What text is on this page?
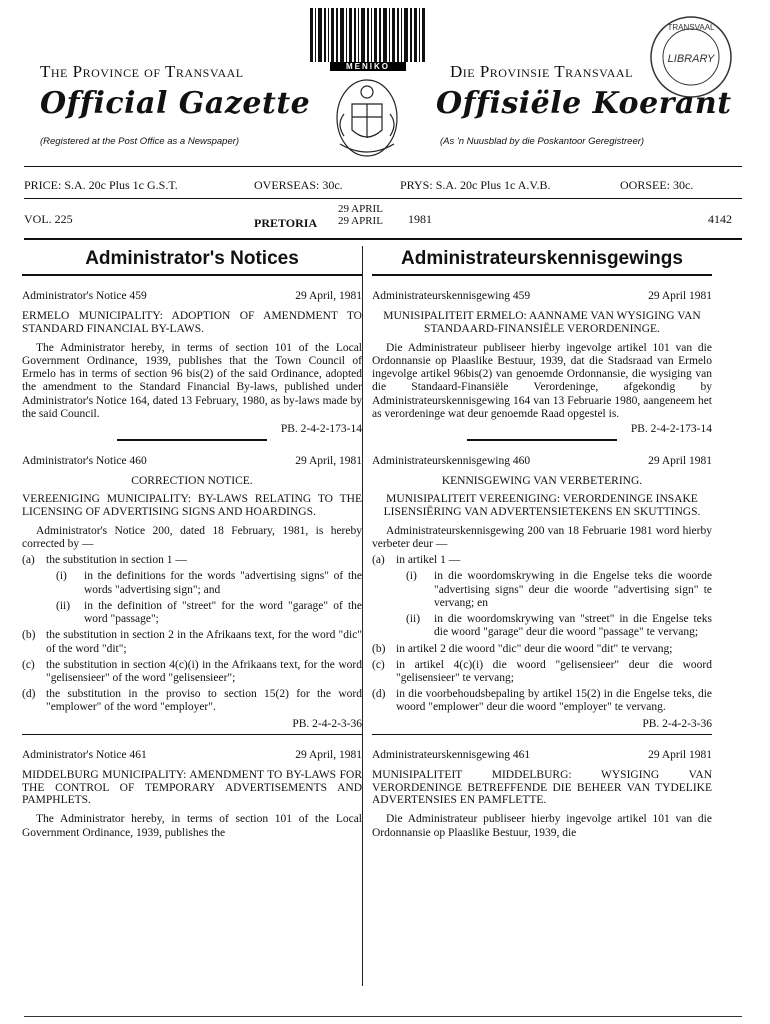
MENIKO
LIBRARY
TRANSVAAL
The Province of Transvaal	Die Provinsie Transvaal
Official Gazette	Offisiële Koerant
(Registered at the Post Office as a Newspaper)	(As 'n Nuusblad by die Poskantoor Geregistreer)
PRICE: S.A. 20c Plus 1c G.S.T.	OVERSEAS: 30c.	PRYS: S.A. 20c Plus 1c A.V.B.	OORSEE: 30c.
VOL. 225	PRETORIA
29 APRIL
29 APRIL 1981	4142
Administrator's Notices
Administrator's Notice 459	29 April, 1981

ERMELO MUNICIPALITY: ADOPTION OF AMENDMENT TO STANDARD FINANCIAL BY-LAWS.

The Administrator hereby, in terms of section 101 of the Local Government Ordinance, 1939, publishes that the Town Council of Ermelo has in terms of section 96 bis(2) of the said Ordinance, adopted the amendment to the Standard Financial By-laws, published under Administrator's Notice 164, dated 13 February, 1980, as by-laws made by the said Council.

PB. 2-4-2-173-14
Administrator's Notice 460	29 April, 1981
CORRECTION NOTICE.

VEREENIGING MUNICIPALITY: BY-LAWS RELATING TO THE LICENSING OF ADVERTISING SIGNS AND HOARDINGS.

Administrator's Notice 200, dated 18 February, 1981, is hereby corrected by —

(a) the substitution in section 1 —
(i)	in the definitions for the words "advertising signs" of the words "advertising sign"; and
(ii)	in the definition of "street" for the word "garage" of the word "passage";
(b) the substitution in section 2 in the Afrikaans text, for the word "dic" of the word "dit";
(c) the substitution in section 4(c)(i) in the Afrikaans text, for the word "gelisensieer" of the word "gelisensieer";
(d) the substitution in the proviso to section 15(2) for the word "emplower" of the word "employer".
PB. 2-4-2-3-36
Administrator's Notice 461	29 April, 1981

MIDDELBURG MUNICIPALITY: AMENDMENT TO BY-LAWS FOR THE CONTROL OF TEMPORARY ADVERTISEMENTS AND PAMPHLETS.

The Administrator hereby, in terms of section 101 of the Local Government Ordinance, 1939, publishes the

Administrateurskennisgewings
Administrateurskennisgewing 459	29 April 1981

MUNISIPALITEIT ERMELO: AANNAME VAN WYSIGING VAN STANDAARD-FINANSIËLE VERORDENINGE.

Die Administrateur publiseer hierby ingevolge artikel 101 van die Ordonnansie op Plaaslike Bestuur, 1939, dat die Stadsraad van Ermelo ingevolge artikel 96bis(2) van genoemde Ordonnansie, die wysiging van die Standaard-Finansiële Verordeninge, afgekondig by Administrateurskennisgewing 164 van 13 Februarie 1980, aangeneem het as verordeninge wat deur genoemde Raad opgestel is.

PB. 2-4-2-173-14
Administrateurskennisgewing 460	29 April 1981
KENNISGEWING VAN VERBETERING.

MUNISIPALITEIT VEREENIGING: VERORDENINGE INSAKE LISENSIËRING VAN ADVERTENSIETEKENS EN SKUTTINGS.

Administrateurskennisgewing 200 van 18 Februarie 1981 word hierby verbeter deur —

(a) in artikel 1 —
(i)	in die woordomskrywing in die Engelse teks die woorde "advertising signs" deur die woorde "advertising sign" te vervang; en
(ii)	in die woordomskrywing van "street" in die Engelse teks die woord "garage" deur die woord "passage" te vervang;
(b) in artikel 2 die woord "dic" deur die woord "dit" te vervang;
(c) in artikel 4(c)(i) die woord "gelisensieer" deur die woord "gelisensieer" te vervang;
(d) in die voorbehoudsbepaling by artikel 15(2) in die Engelse teks, die woord "emplower" deur die woord "employer" te vervang.
PB. 2-4-2-3-36
Administrateurskennisgewing 461	29 April 1981

MUNISIPALITEIT MIDDELBURG: WYSIGING VAN VERORDENINGE BETREFFENDE DIE BEHEER VAN TYDELIKE ADVERTENSIES EN PAMFLETTE.

Die Administrateur publiseer hierby ingevolge artikel 101 van die Ordonnansie op Plaaslike Bestuur, 1939, die
